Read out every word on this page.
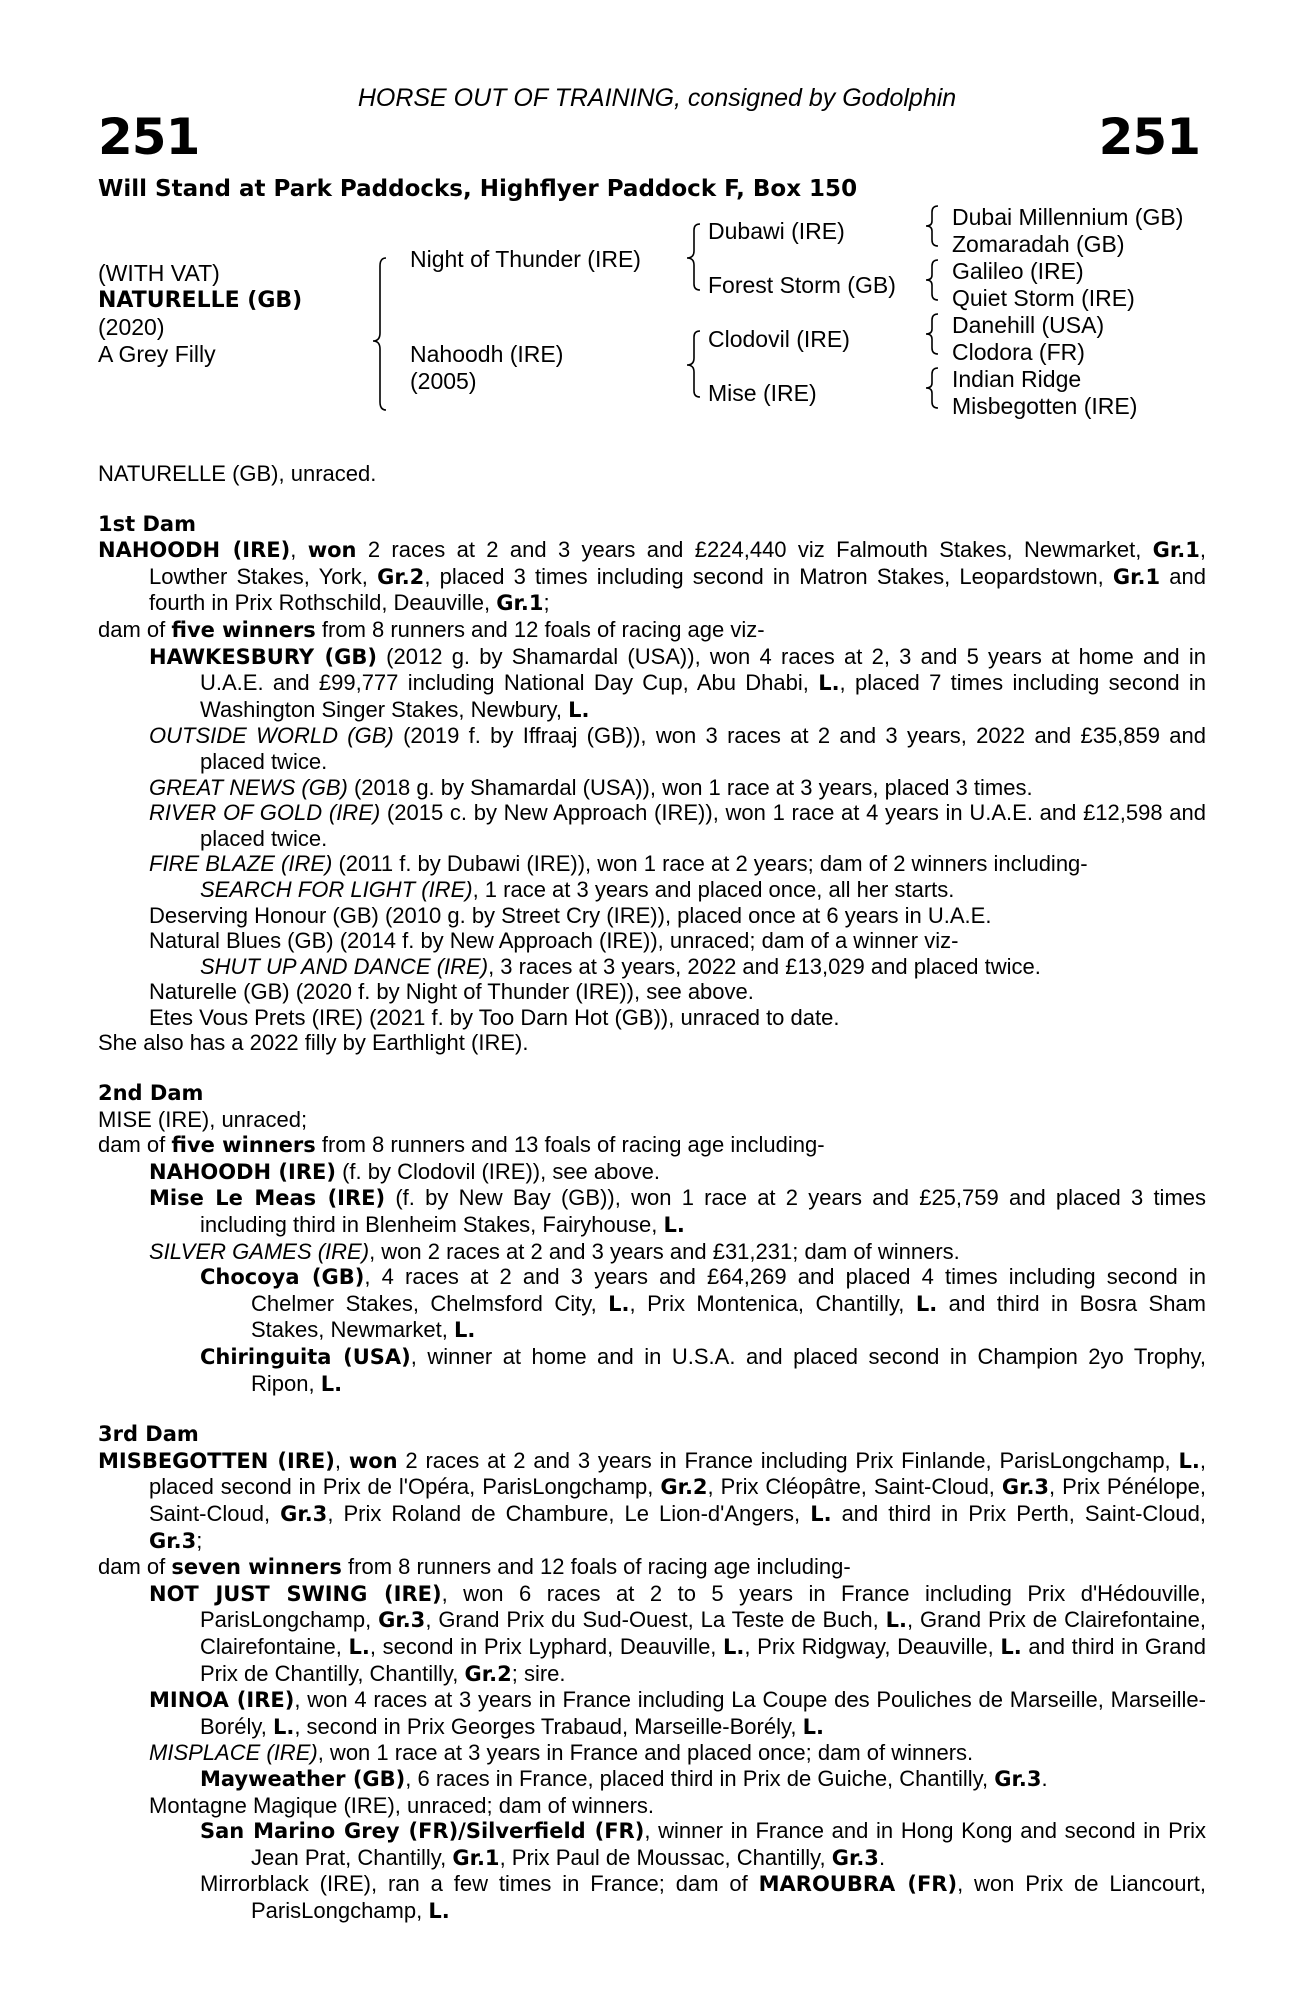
HORSE OUT OF TRAINING, consigned by Godolphin
251	251
Will Stand at Park Paddocks, Highflyer Paddock F, Box 150
(WITH VAT)
NATURELLE (GB)
(2020)
A Grey Filly
Night of Thunder (IRE)
Nahoodh (IRE)
(2005)
Dubawi (IRE)
Forest Storm (GB)
Clodovil (IRE)
Mise (IRE)
Dubai Millennium (GB)
Zomaradah (GB)
Galileo (IRE)
Quiet Storm (IRE)
Danehill (USA)
Clodora (FR)
Indian Ridge
Misbegotten (IRE)

NATURELLE (GB), unraced.

1st Dam

NAHOODH (IRE), won 2 races at 2 and 3 years and £224,440 viz Falmouth Stakes, Newmarket, Gr.1, Lowther Stakes, York, Gr.2, placed 3 times including second in Matron Stakes, Leopardstown, Gr.1 and fourth in Prix Rothschild, Deauville, Gr.1;

dam of five winners from 8 runners and 12 foals of racing age viz-

HAWKESBURY (GB) (2012 g. by Shamardal (USA)), won 4 races at 2, 3 and 5 years at home and in U.A.E. and £99,777 including National Day Cup, Abu Dhabi, L., placed 7 times including second in Washington Singer Stakes, Newbury, L.

OUTSIDE WORLD (GB) (2019 f. by Iffraaj (GB)), won 3 races at 2 and 3 years, 2022 and £35,859 and placed twice.

GREAT NEWS (GB) (2018 g. by Shamardal (USA)), won 1 race at 3 years, placed 3 times.

RIVER OF GOLD (IRE) (2015 c. by New Approach (IRE)), won 1 race at 4 years in U.A.E. and £12,598 and placed twice.

FIRE BLAZE (IRE) (2011 f. by Dubawi (IRE)), won 1 race at 2 years; dam of 2 winners including-

SEARCH FOR LIGHT (IRE), 1 race at 3 years and placed once, all her starts.

Deserving Honour (GB) (2010 g. by Street Cry (IRE)), placed once at 6 years in U.A.E.

Natural Blues (GB) (2014 f. by New Approach (IRE)), unraced; dam of a winner viz-

SHUT UP AND DANCE (IRE), 3 races at 3 years, 2022 and £13,029 and placed twice.

Naturelle (GB) (2020 f. by Night of Thunder (IRE)), see above.

Etes Vous Prets (IRE) (2021 f. by Too Darn Hot (GB)), unraced to date.

She also has a 2022 filly by Earthlight (IRE).

2nd Dam

MISE (IRE), unraced;

dam of five winners from 8 runners and 13 foals of racing age including-

NAHOODH (IRE) (f. by Clodovil (IRE)), see above.

Mise Le Meas (IRE) (f. by New Bay (GB)), won 1 race at 2 years and £25,759 and placed 3 times including third in Blenheim Stakes, Fairyhouse, L.

SILVER GAMES (IRE), won 2 races at 2 and 3 years and £31,231; dam of winners.

Chocoya (GB), 4 races at 2 and 3 years and £64,269 and placed 4 times including second in Chelmer Stakes, Chelmsford City, L., Prix Montenica, Chantilly, L. and third in Bosra Sham Stakes, Newmarket, L.

Chiringuita (USA), winner at home and in U.S.A. and placed second in Champion 2yo Trophy, Ripon, L.

3rd Dam

MISBEGOTTEN (IRE), won 2 races at 2 and 3 years in France including Prix Finlande, ParisLongchamp, L., placed second in Prix de l'Opéra, ParisLongchamp, Gr.2, Prix Cléopâtre, Saint-Cloud, Gr.3, Prix Pénélope, Saint-Cloud, Gr.3, Prix Roland de Chambure, Le Lion-d'Angers, L. and third in Prix Perth, Saint-Cloud, Gr.3;

dam of seven winners from 8 runners and 12 foals of racing age including-

NOT JUST SWING (IRE), won 6 races at 2 to 5 years in France including Prix d'Hédouville, ParisLongchamp, Gr.3, Grand Prix du Sud-Ouest, La Teste de Buch, L., Grand Prix de Clairefontaine, Clairefontaine, L., second in Prix Lyphard, Deauville, L., Prix Ridgway, Deauville, L. and third in Grand Prix de Chantilly, Chantilly, Gr.2; sire.

MINOA (IRE), won 4 races at 3 years in France including La Coupe des Pouliches de Marseille, Marseille-Borély, L., second in Prix Georges Trabaud, Marseille-Borély, L.

MISPLACE (IRE), won 1 race at 3 years in France and placed once; dam of winners.

Mayweather (GB), 6 races in France, placed third in Prix de Guiche, Chantilly, Gr.3.

Montagne Magique (IRE), unraced; dam of winners.

San Marino Grey (FR)/Silverfield (FR), winner in France and in Hong Kong and second in Prix Jean Prat, Chantilly, Gr.1, Prix Paul de Moussac, Chantilly, Gr.3.

Mirrorblack (IRE), ran a few times in France; dam of MAROUBRA (FR), won Prix de Liancourt, ParisLongchamp, L.
